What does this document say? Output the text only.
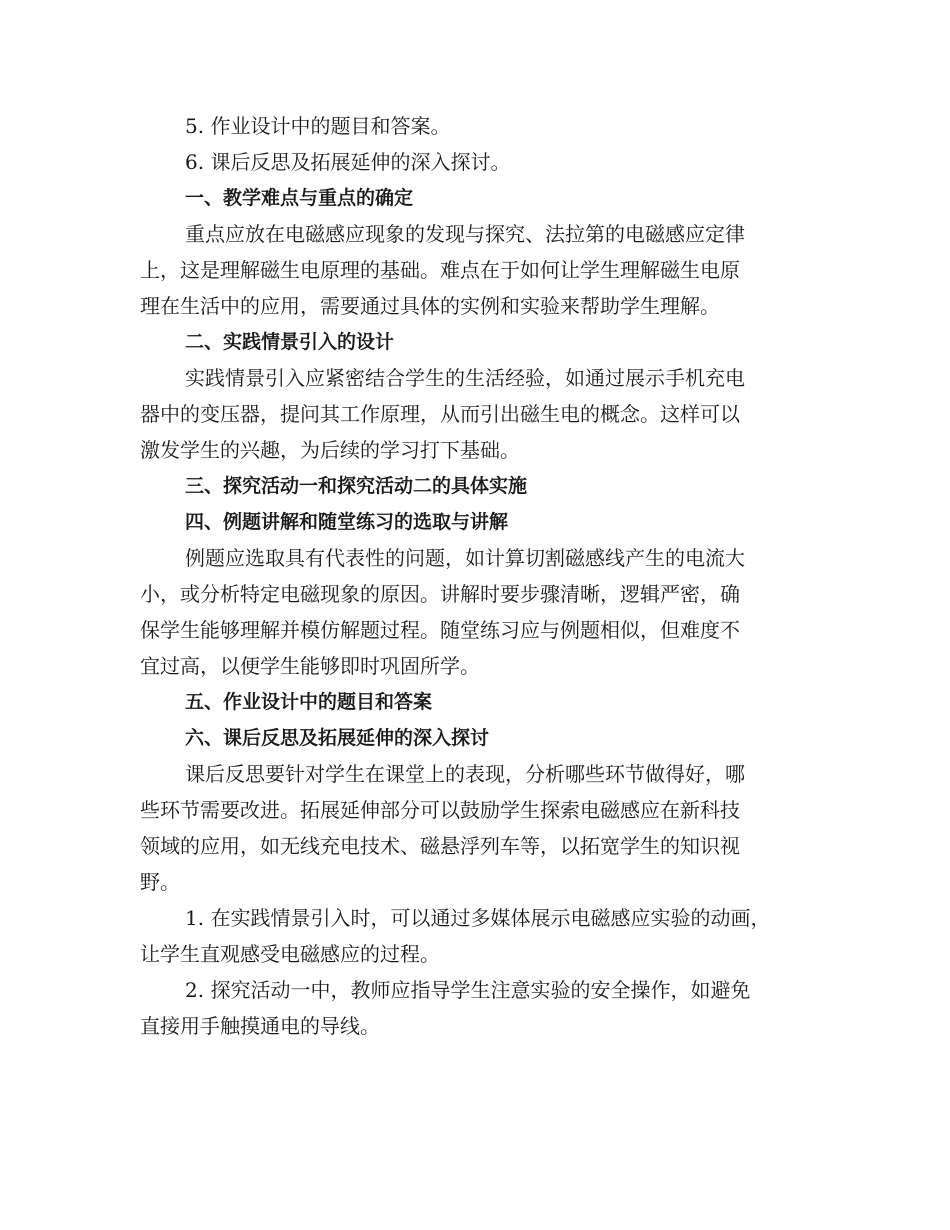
5. 作业设计中的题目和答案。

6. 课后反思及拓展延伸的深入探讨。

一、教学难点与重点的确定

重点应放在电磁感应现象的发现与探究、法拉第的电磁感应定律

上，这是理解磁生电原理的基础。难点在于如何让学生理解磁生电原

理在生活中的应用，需要通过具体的实例和实验来帮助学生理解。

二、实践情景引入的设计

实践情景引入应紧密结合学生的生活经验，如通过展示手机充电

器中的变压器，提问其工作原理，从而引出磁生电的概念。这样可以

激发学生的兴趣，为后续的学习打下基础。

三、探究活动一和探究活动二的具体实施

四、例题讲解和随堂练习的选取与讲解

例题应选取具有代表性的问题，如计算切割磁感线产生的电流大

小，或分析特定电磁现象的原因。讲解时要步骤清晰，逻辑严密，确

保学生能够理解并模仿解题过程。随堂练习应与例题相似，但难度不

宜过高，以便学生能够即时巩固所学。

五、作业设计中的题目和答案

六、课后反思及拓展延伸的深入探讨

课后反思要针对学生在课堂上的表现，分析哪些环节做得好，哪

些环节需要改进。拓展延伸部分可以鼓励学生探索电磁感应在新科技

领域的应用，如无线充电技术、磁悬浮列车等，以拓宽学生的知识视

野。

1. 在实践情景引入时，可以通过多媒体展示电磁感应实验的动画，

让学生直观感受电磁感应的过程。

2. 探究活动一中，教师应指导学生注意实验的安全操作，如避免

直接用手触摸通电的导线。
